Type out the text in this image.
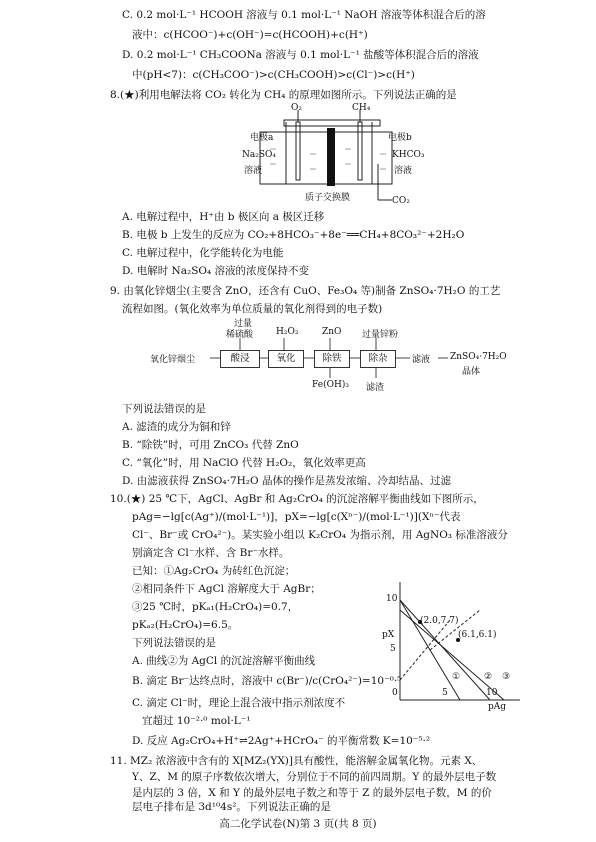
C. 0.2 mol·L⁻¹ HCOOH 溶液与 0.1 mol·L⁻¹ NaOH 溶液等体积混合后的溶
液中：c(HCOO⁻)+c(OH⁻)=c(HCOOH)+c(H⁺)
D. 0.2 mol·L⁻¹ CH₃COONa 溶液与 0.1 mol·L⁻¹ 盐酸等体积混合后的溶液
中(pH<7)：c(CH₃COO⁻)>c(CH₃COOH)>c(Cl⁻)>c(H⁺)
8.(★)利用电解法将 CO₂ 转化为 CH₄ 的原理如图所示。下列说法正确的是
O₂	CH₄
电极a	电极b
Na₂SO₄
溶液
KHCO₃
溶液
质子交换膜	CO₂
A. 电解过程中，H⁺由 b 极区向 a 极区迁移
B. 电极 b 上发生的反应为 CO₂+8HCO₃⁻+8e⁻══CH₄+8CO₃²⁻+2H₂O
C. 电解过程中，化学能转化为电能
D. 电解时 Na₂SO₄ 溶液的浓度保持不变
9. 由氧化锌烟尘(主要含 ZnO，还含有 CuO、Fe₃O₄ 等)制备 ZnSO₄·7H₂O 的工艺
流程如图。(氧化效率为单位质量的氧化剂得到的电子数)
过量
稀硫酸	H₂O₂	ZnO 过量锌粉
氧化锌烟尘	酸浸	氧化	除铁	除杂	滤液 ZnSO₄·7H₂O
晶体
Fe(OH)₃ 滤渣
下列说法错误的是
A. 滤渣的成分为铜和锌
B. “除铁”时，可用 ZnCO₃ 代替 ZnO
C. “氧化”时，用 NaClO 代替 H₂O₂，氧化效率更高
D. 由滤液获得 ZnSO₄·7H₂O 晶体的操作是蒸发浓缩、冷却结晶、过滤
10.(★) 25 ℃下，AgCl、AgBr 和 Ag₂CrO₄ 的沉淀溶解平衡曲线如下图所示，
pAg=−lg[c(Ag⁺)/(mol·L⁻¹)]，pX=−lg[c(Xⁿ⁻)/(mol·L⁻¹)](Xⁿ⁻代表
Cl⁻、Br⁻或 CrO₄²⁻)。某实验小组以 K₂CrO₄ 为指示剂，用 AgNO₃ 标准溶液分
别滴定含 Cl⁻水样、含 Br⁻水样。
已知：①Ag₂CrO₄ 为砖红色沉淀；
②相同条件下 AgCl 溶解度大于 AgBr；
③25 ℃时，pKₐ₁(H₂CrO₄)=0.7，
pKₐ₂(H₂CrO₄)=6.5。
下列说法错误的是
A. 曲线②为 AgCl 的沉淀溶解平衡曲线
B. 滴定 Br⁻达终点时，溶液中 c(Br⁻)/c(CrO₄²⁻)=10⁻⁰·⁵
C. 滴定 Cl⁻时，理论上混合液中指示剂浓度不
宜超过 10⁻²·⁰ mol·L⁻¹
D. 反应 Ag₂CrO₄+H⁺⇌2Ag⁺+HCrO₄⁻ 的平衡常数 K=10⁻⁵·²
pX
pAg
(2.0,7.7)
(6.1,6.1)
10
5
0	5	10
①	② ③
11. MZ₂ 浓溶液中含有的 X[MZ₂(YX)]具有酸性，能溶解金属氧化物。元素 X、
Y、Z、M 的原子序数依次增大，分别位于不同的前四周期。Y 的最外层电子数
是内层的 3 倍，X 和 Y 的最外层电子数之和等于 Z 的最外层电子数，M 的价
层电子排布是 3d¹⁰4s²。下列说法正确的是
高二化学试卷(N)第 3 页(共 8 页)
